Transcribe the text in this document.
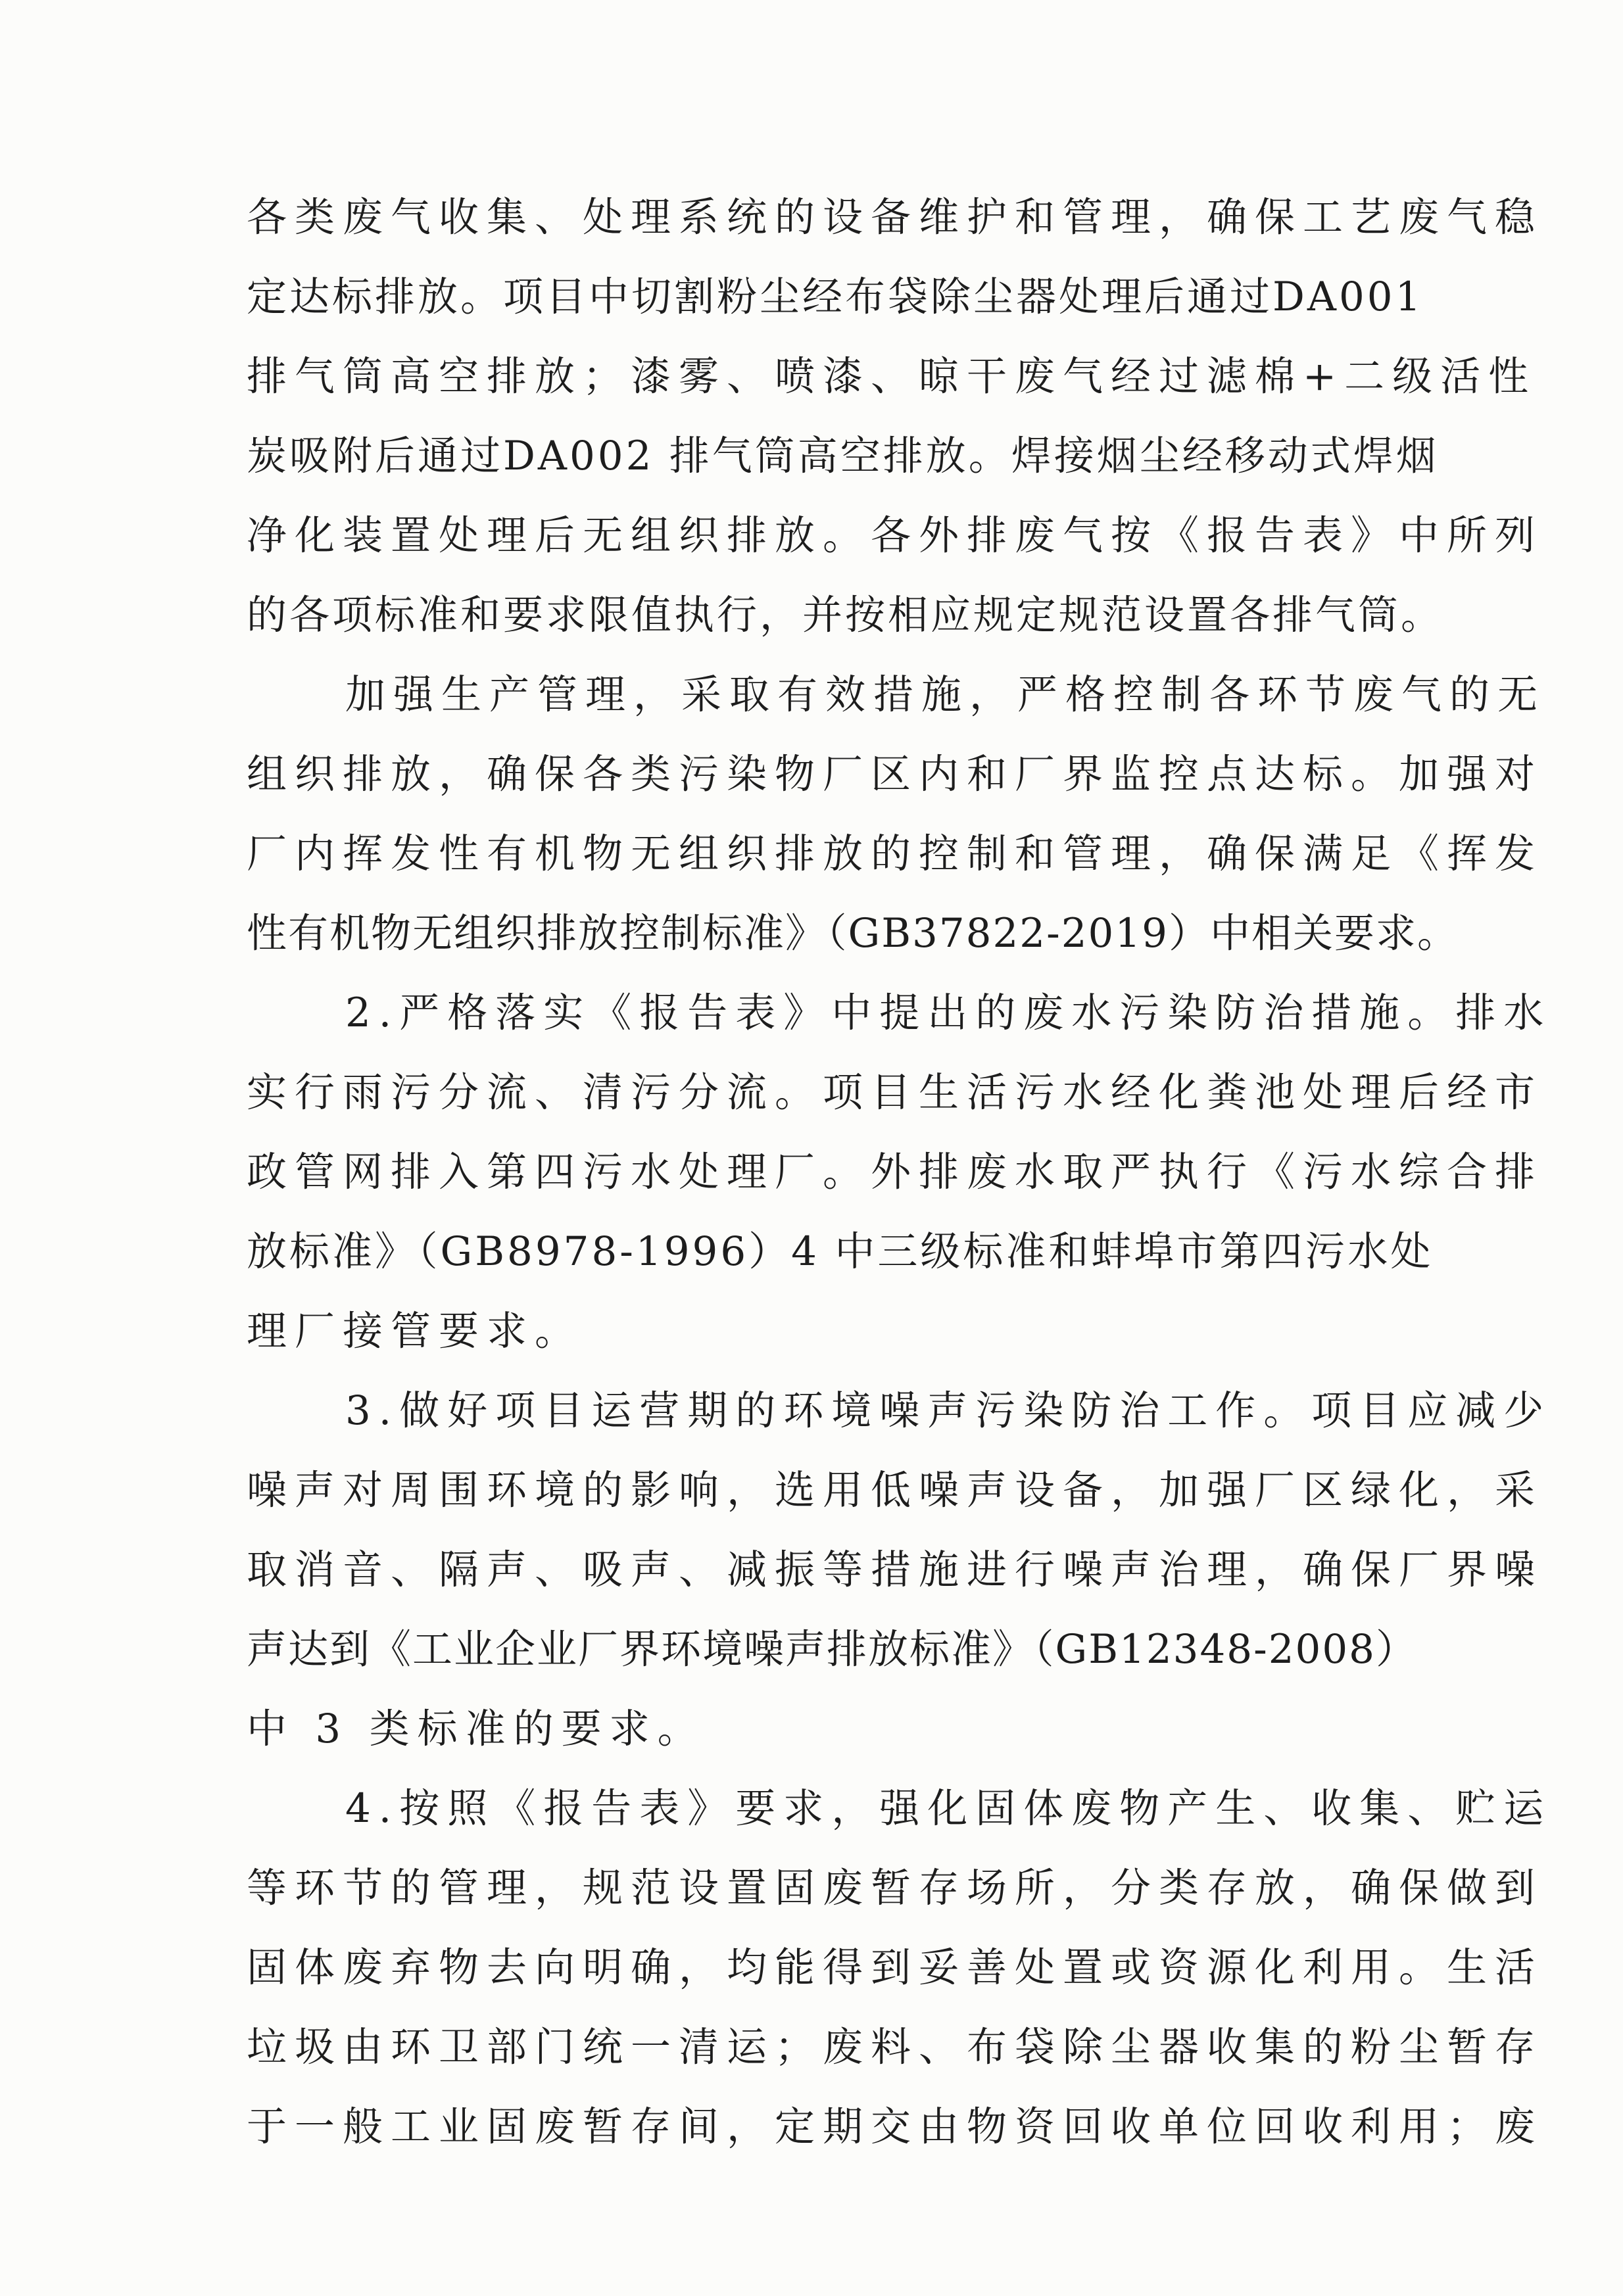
各类废气收集、处理系统的设备维护和管理，确保工艺废气稳
定达标排放。项目中切割粉尘经布袋除尘器处理后通过DA001
排气筒高空排放；漆雾、喷漆、晾干废气经过滤棉+二级活性
炭吸附后通过DA002 排气筒高空排放。焊接烟尘经移动式焊烟
净化装置处理后无组织排放。各外排废气按《报告表》中所列
的各项标准和要求限值执行，并按相应规定规范设置各排气筒。
加强生产管理，采取有效措施，严格控制各环节废气的无
组织排放，确保各类污染物厂区内和厂界监控点达标。加强对
厂内挥发性有机物无组织排放的控制和管理，确保满足《挥发
性有机物无组织排放控制标准》（GB37822-2019）中相关要求。
2.严格落实《报告表》中提出的废水污染防治措施。排水
实行雨污分流、清污分流。项目生活污水经化粪池处理后经市
政管网排入第四污水处理厂。外排废水取严执行《污水综合排
放标准》（GB8978-1996）4 中三级标准和蚌埠市第四污水处
理厂接管要求。
3.做好项目运营期的环境噪声污染防治工作。项目应减少
噪声对周围环境的影响，选用低噪声设备，加强厂区绿化，采
取消音、隔声、吸声、减振等措施进行噪声治理，确保厂界噪
声达到《工业企业厂界环境噪声排放标准》（GB12348-2008）
中 3 类标准的要求。
4.按照《报告表》要求，强化固体废物产生、收集、贮运
等环节的管理，规范设置固废暂存场所，分类存放，确保做到
固体废弃物去向明确，均能得到妥善处置或资源化利用。生活
垃圾由环卫部门统一清运；废料、布袋除尘器收集的粉尘暂存
于一般工业固废暂存间，定期交由物资回收单位回收利用；废
